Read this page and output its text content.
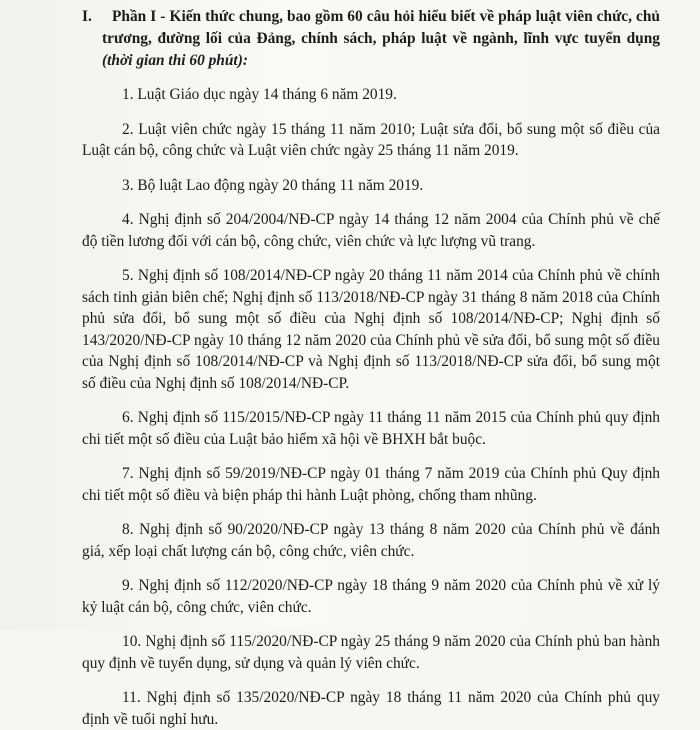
I. Phần I - Kiến thức chung, bao gồm 60 câu hỏi hiểu biết về pháp luật viên chức, chủ trương, đường lối của Đảng, chính sách, pháp luật về ngành, lĩnh vực tuyển dụng (thời gian thi 60 phút):

1. Luật Giáo dục ngày 14 tháng 6 năm 2019.

2. Luật viên chức ngày 15 tháng 11 năm 2010; Luật sửa đổi, bổ sung một số điều của Luật cán bộ, công chức và Luật viên chức ngày 25 tháng 11 năm 2019.

3. Bộ luật Lao động ngày 20 tháng 11 năm 2019.

4. Nghị định số 204/2004/NĐ-CP ngày 14 tháng 12 năm 2004 của Chính phủ về chế độ tiền lương đối với cán bộ, công chức, viên chức và lực lượng vũ trang.

5. Nghị định số 108/2014/NĐ-CP ngày 20 tháng 11 năm 2014 của Chính phủ về chính sách tinh giản biên chế; Nghị định số 113/2018/NĐ-CP ngày 31 tháng 8 năm 2018 của Chính phủ sửa đổi, bổ sung một số điều của Nghị định số 108/2014/NĐ-CP; Nghị định số 143/2020/NĐ-CP ngày 10 tháng 12 năm 2020 của Chính phủ về sửa đổi, bổ sung một số điều của Nghị định số 108/2014/NĐ-CP và Nghị định số 113/2018/NĐ-CP sửa đổi, bổ sung một số điều của Nghị định số 108/2014/NĐ-CP.

6. Nghị định số 115/2015/NĐ-CP ngày 11 tháng 11 năm 2015 của Chính phủ quy định chi tiết một số điều của Luật bảo hiểm xã hội về BHXH bắt buộc.

7. Nghị định số 59/2019/NĐ-CP ngày 01 tháng 7 năm 2019 của Chính phủ Quy định chi tiết một số điều và biện pháp thi hành Luật phòng, chống tham nhũng.

8. Nghị định số 90/2020/NĐ-CP ngày 13 tháng 8 năm 2020 của Chính phủ về đánh giá, xếp loại chất lượng cán bộ, công chức, viên chức.

9. Nghị định số 112/2020/NĐ-CP ngày 18 tháng 9 năm 2020 của Chính phủ về xử lý kỷ luật cán bộ, công chức, viên chức.

10. Nghị định số 115/2020/NĐ-CP ngày 25 tháng 9 năm 2020 của Chính phủ ban hành quy định về tuyển dụng, sử dụng và quản lý viên chức.

11. Nghị định số 135/2020/NĐ-CP ngày 18 tháng 11 năm 2020 của Chính phủ quy định về tuổi nghỉ hưu.
